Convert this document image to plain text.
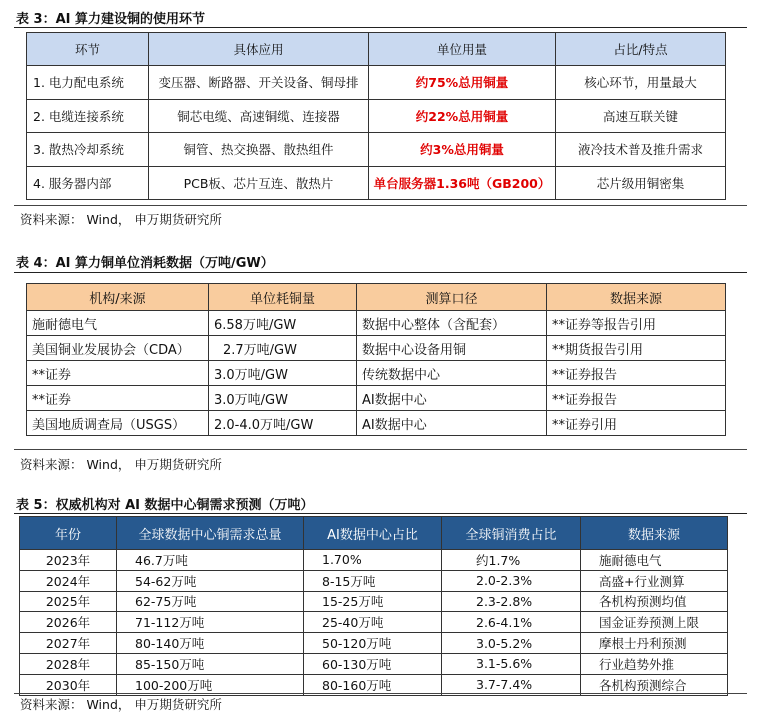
表 3：AI 算力建设铜的使用环节
环节	具体应用	单位用量	占比/特点
1. 电力配电系统	变压器、断路器、开关设备、铜母排	约75%总用铜量	核心环节，用量最大
2. 电缆连接系统	铜芯电缆、高速铜缆、连接器	约22%总用铜量	高速互联关键
3. 散热冷却系统	铜管、热交换器、散热组件	约3%总用铜量	液冷技术普及推升需求
4. 服务器内部	PCB板、芯片互连、散热片	单台服务器1.36吨（GB200）	芯片级用铜密集
资料来源： Wind， 申万期货研究所
表 4：AI 算力铜单位消耗数据（万吨/GW）
机构/来源	单位耗铜量	测算口径	数据来源
施耐德电气	6.58万吨/GW	数据中心整体（含配套）	**证券等报告引用
美国铜业发展协会（CDA）	2.7万吨/GW	数据中心设备用铜	**期货报告引用
**证券	3.0万吨/GW	传统数据中心	**证券报告
**证券	3.0万吨/GW	AI数据中心	**证券报告
美国地质调查局（USGS）	2.0-4.0万吨/GW	AI数据中心	**证券引用
资料来源： Wind， 申万期货研究所
表 5：权威机构对 AI 数据中心铜需求预测（万吨）
年份	全球数据中心铜需求总量	AI数据中心占比	全球铜消费占比	数据来源
2023年	46.7万吨	1.70%	约1.7%	施耐德电气
2024年	54-62万吨	8-15万吨	2.0-2.3%	高盛+行业测算
2025年	62-75万吨	15-25万吨	2.3-2.8%	各机构预测均值
2026年	71-112万吨	25-40万吨	2.6-4.1%	国金证券预测上限
2027年	80-140万吨	50-120万吨	3.0-5.2%	摩根士丹利预测
2028年	85-150万吨	60-130万吨	3.1-5.6%	行业趋势外推
2030年	100-200万吨	80-160万吨	3.7-7.4%	各机构预测综合
资料来源： Wind， 申万期货研究所
